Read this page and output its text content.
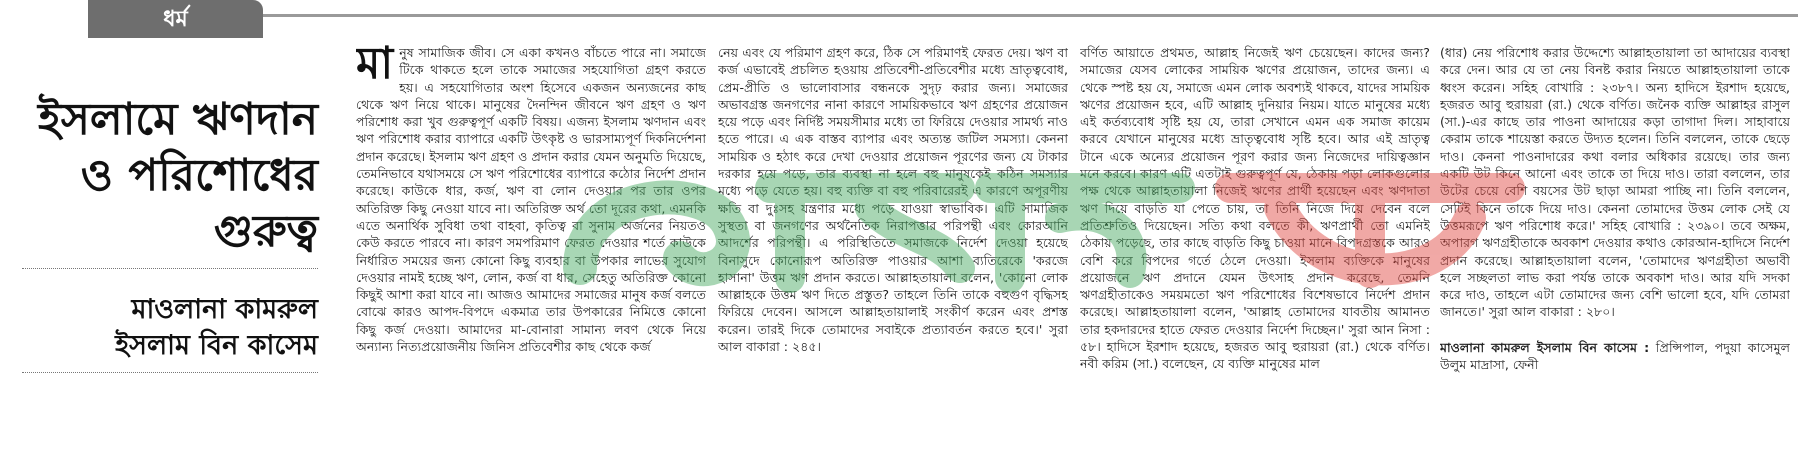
ধর্ম
ইসলামে ঋণদান
ও পরিশোধের
গুরুত্ব
মাওলানা কামরুল
ইসলাম বিন কাসেম
মা নুষ সামাজিক জীব। সে একা কখনও বাঁচতে পারে না। সমাজে টিকে থাকতে হলে তাকে সমাজের সহযোগিতা গ্রহণ করতে হয়। এ সহযোগিতার অংশ হিসেবে একজন অন্যজনের কাছ থেকে ঋণ নিয়ে থাকে। মানুষের দৈনন্দিন জীবনে ঋণ গ্রহণ ও ঋণ পরিশোধ করা খুব গুরুত্বপূর্ণ একটি বিষয়। এজন্য ইসলাম ঋণদান এবং ঋণ পরিশোধ করার ব্যাপারে একটি উৎকৃষ্ট ও ভারসাম্যপূর্ণ দিকনির্দেশনা প্রদান করেছে। ইসলাম ঋণ গ্রহণ ও প্রদান করার যেমন অনুমতি দিয়েছে, তেমনিভাবে যথাসময়ে সে ঋণ পরিশোধের ব্যাপারে কঠোর নির্দেশ প্রদান করেছে। কাউকে ধার, কর্জ, ঋণ বা লোন দেওয়ার পর তার ওপর অতিরিক্ত কিছু নেওয়া যাবে না। অতিরিক্ত অর্থ তো দূরের কথা, এমনকি এতে অনার্থিক সুবিধা তথা বাহবা, কৃতিত্ব বা সুনাম অর্জনের নিয়তও কেউ করতে পারবে না। কারণ সমপরিমাণ ফেরত দেওয়ার শর্তে কাউকে নির্ধারিত সময়ের জন্য কোনো কিছু ব্যবহার বা উপকার লাভের সুযোগ দেওয়ার নামই হচ্ছে ঋণ, লোন, কর্জ বা ধার, সেহেতু অতিরিক্ত কোনো কিছুই আশা করা যাবে না। আজও আমাদের সমাজের মানুষ কর্জ বলতে বোঝে কারও আপদ-বিপদে একমাত্র তার উপকারের নিমিত্তে কোনো কিছু কর্জ দেওয়া। আমাদের মা-বোনারা সামান্য লবণ থেকে নিয়ে অন্যান্য নিত্যপ্রয়োজনীয় জিনিস প্রতিবেশীর কাছ থেকে কর্জ

নেয় এবং যে পরিমাণ গ্রহণ করে, ঠিক সে পরিমাণই ফেরত দেয়। ঋণ বা কর্জ এভাবেই প্রচলিত হওয়ায় প্রতিবেশী-প্রতিবেশীর মধ্যে ভ্রাতৃত্ববোধ, প্রেম-প্রীতি ও ভালোবাসার বন্ধনকে সুদৃঢ় করার জন্য। সমাজের অভাবগ্রস্ত জনগণের নানা কারণে সাময়িকভাবে ঋণ গ্রহণের প্রয়োজন হয়ে পড়ে এবং নির্দিষ্ট সময়সীমার মধ্যে তা ফিরিয়ে দেওয়ার সামর্থ্য নাও হতে পারে। এ এক বাস্তব ব্যাপার এবং অত্যন্ত জটিল সমস্যা। কেননা সাময়িক ও হঠাৎ করে দেখা দেওয়ার প্রয়োজন পূরণের জন্য যে টাকার দরকার হয়ে পড়ে, তার ব্যবস্থা না হলে বহু মানুষকেই কঠিন সমস্যার মধ্যে পড়ে যেতে হয়। বহু ব্যক্তি বা বহু পরিবারেরই এ কারণে অপূরণীয় ক্ষতি বা দুঃসহ যন্ত্রণার মধ্যে পড়ে যাওয়া স্বাভাবিক। এটি সামাজিক সুস্থতা বা জনগণের অর্থনৈতিক নিরাপত্তার পরিপন্থী এবং কোরআনি আদর্শের পরিপন্থী। এ পরিস্থিতিতে সমাজকে নির্দেশ দেওয়া হয়েছে বিনাসুদে কোনোরূপ অতিরিক্ত পাওয়ার আশা ব্যতিরেকে 'করজে হাসানা' উত্তম ঋণ প্রদান করতে। আল্লাহতায়ালা বলেন, 'কোনো লোক আল্লাহকে উত্তম ঋণ দিতে প্রস্তুত? তাহলে তিনি তাকে বহুগুণ বৃদ্ধিসহ ফিরিয়ে দেবেন। আসলে আল্লাহতায়ালাই সংকীর্ণ করেন এবং প্রশস্ত করেন। তারই দিকে তোমাদের সবাইকে প্রত্যাবর্তন করতে হবে।' সুরা আল বাকারা : ২৪৫।

বর্ণিত আয়াতে প্রথমত, আল্লাহ নিজেই ঋণ চেয়েছেন। কাদের জন্য? সমাজের যেসব লোকের সাময়িক ঋণের প্রয়োজন, তাদের জন্য। এ থেকে স্পষ্ট হয় যে, সমাজে এমন লোক অবশ্যই থাকবে, যাদের সাময়িক ঋণের প্রয়োজন হবে, এটি আল্লাহ দুনিয়ার নিয়ম। যাতে মানুষের মধ্যে এই কর্তব্যবোধ সৃষ্টি হয় যে, তারা সেখানে এমন এক সমাজ কায়েম করবে যেখানে মানুষের মধ্যে ভ্রাতৃত্ববোধ সৃষ্টি হবে। আর এই ভ্রাতৃত্ব টানে একে অন্যের প্রয়োজন পূরণ করার জন্য নিজেদের দায়িত্বজ্ঞান মনে করবে। কারণ এটি এতটাই গুরুত্বপূর্ণ যে, ঠেকায় পড়া লোকগুলোর পক্ষ থেকে আল্লাহতায়ালা নিজেই ঋণের প্রার্থী হয়েছেন এবং ঋণদাতা ঋণ দিয়ে বাড়তি যা পেতে চায়, তা তিনি নিজে দিয়ে দেবেন বলে প্রতিশ্রুতিও দিয়েছেন। সত্যি কথা বলতে কী, ঋণপ্রার্থী তো এমনিই ঠেকায় পড়েছে, তার কাছে বাড়তি কিছু চাওয়া মানে বিপদগ্রস্তকে আরও বেশি করে বিপদের গর্তে ঠেলে দেওয়া। ইসলাম ব্যক্তিকে মানুষের প্রয়োজনে ঋণ প্রদানে যেমন উৎসাহ প্রদান করেছে, তেমনি ঋণগ্রহীতাকেও সময়মতো ঋণ পরিশোধের বিশেষভাবে নির্দেশ প্রদান করেছে। আল্লাহতায়ালা বলেন, 'আল্লাহ তোমাদের যাবতীয় আমানত তার হকদারদের হাতে ফেরত দেওয়ার নির্দেশ দিচ্ছেন।' সুরা আন নিসা : ৫৮। হাদিসে ইরশাদ হয়েছে, হজরত আবু হুরায়রা (রা.) থেকে বর্ণিত। নবী করিম (সা.) বলেছেন, যে ব্যক্তি মানুষের মাল

(ধার) নেয় পরিশোধ করার উদ্দেশ্যে আল্লাহতায়ালা তা আদায়ের ব্যবস্থা করে দেন। আর যে তা নেয় বিনষ্ট করার নিয়তে আল্লাহতায়ালা তাকে ধ্বংস করেন। সহিহ বোখারি : ২৩৮৭। অন্য হাদিসে ইরশাদ হয়েছে, হজরত আবু হুরায়রা (রা.) থেকে বর্ণিত। জনৈক ব্যক্তি আল্লাহর রাসুল (সা.)-এর কাছে তার পাওনা আদায়ের কড়া তাগাদা দিল। সাহাবায়ে কেরাম তাকে শায়েস্তা করতে উদ্যত হলেন। তিনি বললেন, তাকে ছেড়ে দাও। কেননা পাওনাদারের কথা বলার অধিকার রয়েছে। তার জন্য একটি উট কিনে আনো এবং তাকে তা দিয়ে দাও। তারা বললেন, তার উটের চেয়ে বেশি বয়সের উট ছাড়া আমরা পাচ্ছি না। তিনি বললেন, সেটিই কিনে তাকে দিয়ে দাও। কেননা তোমাদের উত্তম লোক সেই যে উত্তমরূপে ঋণ পরিশোধ করে।' সহিহ বোখারি : ২৩৯০। তবে অক্ষম, অপারগ ঋণগ্রহীতাকে অবকাশ দেওয়ার কথাও কোরআন-হাদিসে নির্দেশ প্রদান করেছে। আল্লাহতায়ালা বলেন, 'তোমাদের ঋণগ্রহীতা অভাবী হলে সচ্ছলতা লাভ করা পর্যন্ত তাকে অবকাশ দাও। আর যদি সদকা করে দাও, তাহলে এটা তোমাদের জন্য বেশি ভালো হবে, যদি তোমরা জানতে।' সুরা আল বাকারা : ২৮০।

মাওলানা কামরুল ইসলাম বিন কাসেম : প্রিন্সিপাল, পদুয়া কাসেমুল উলুম মাদ্রাসা, ফেনী
